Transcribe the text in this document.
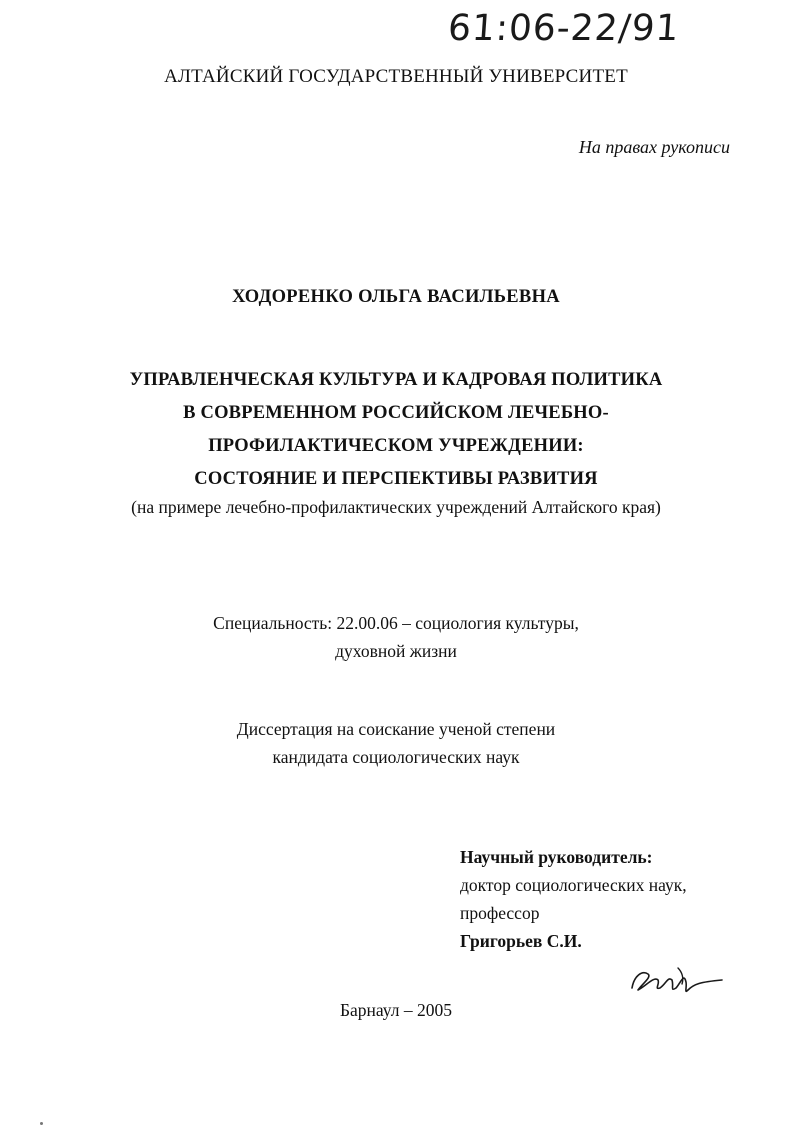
61:06-22/91
АЛТАЙСКИЙ ГОСУДАРСТВЕННЫЙ УНИВЕРСИТЕТ
На правах рукописи
ХОДОРЕНКО ОЛЬГА ВАСИЛЬЕВНА
УПРАВЛЕНЧЕСКАЯ КУЛЬТУРА И КАДРОВАЯ ПОЛИТИКА
В СОВРЕМЕННОМ РОССИЙСКОМ ЛЕЧЕБНО-
ПРОФИЛАКТИЧЕСКОМ УЧРЕЖДЕНИИ:
СОСТОЯНИЕ И ПЕРСПЕКТИВЫ РАЗВИТИЯ
(на примере лечебно-профилактических учреждений Алтайского края)
Специальность: 22.00.06 – социология культуры,
духовной жизни
Диссертация на соискание ученой степени
кандидата социологических наук
Научный руководитель:
доктор социологических наук,
профессор
Григорьев С.И.
Барнаул – 2005
